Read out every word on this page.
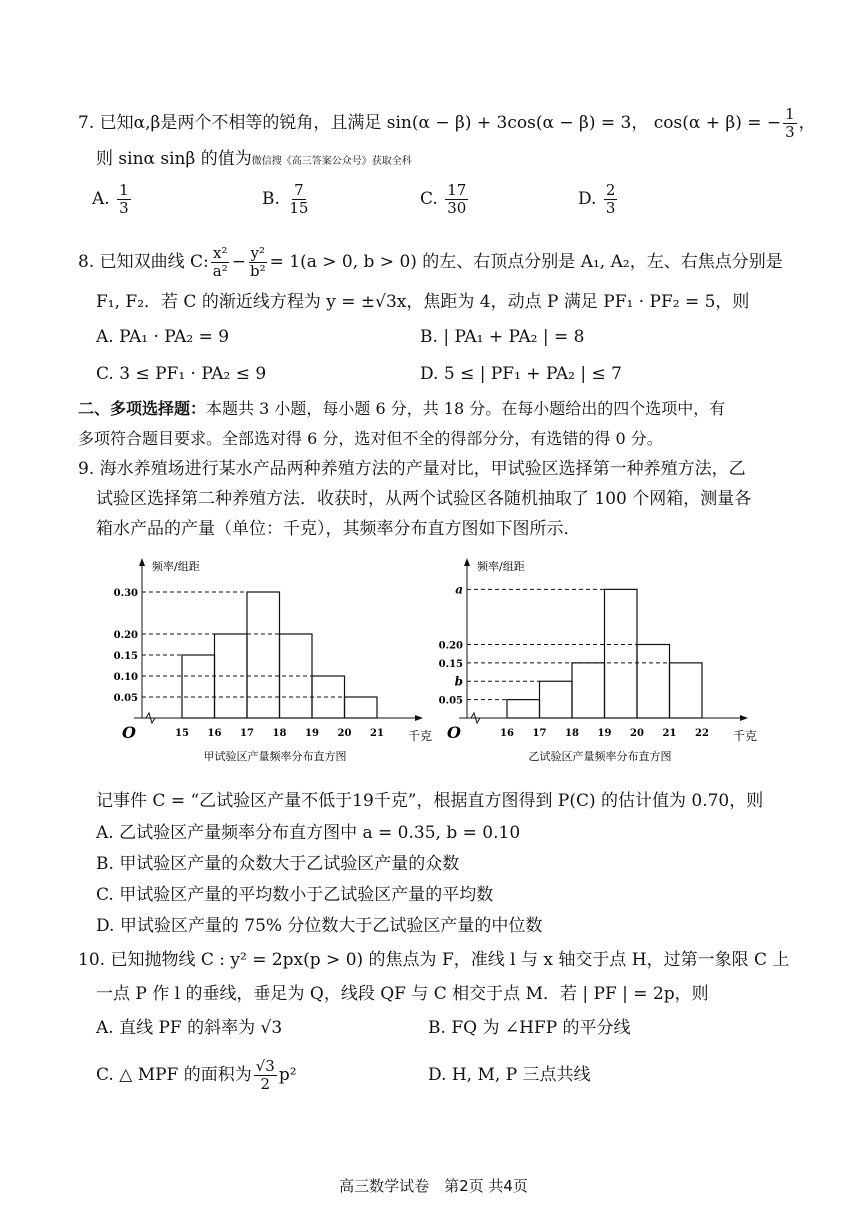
7. 已知α,β是两个不相等的锐角，且满足 sin(α − β) + 3cos(α − β) = 3， cos(α + β) = − $\frac{1}{3}$ ，
则 sinα sinβ 的值为微信搜《高三答案公众号》获取全科
A. $\frac{1}{3}$	B. $\frac{7}{15}$	C. $\frac{17}{30}$	D. $\frac{2}{3}$
8. 已知双曲线 C: $\frac{\text{x²}}{\text{a²}} - \frac{\text{y²}}{\text{b²}} = 1(a > 0$, b > 0) 的左、右顶点分别是 A₁, A₂，左、右焦点分别是
F₁, F₂．若 C 的渐近线方程为 y = ±√3x，焦距为 4，动点 P 满足 PF₁ · PF₂ = 5，则
A. PA₁ · PA₂ = 9	B. | PA₁ + PA₂ | = 8
C. 3 ≤ PF₁ · PA₂ ≤ 9	D. 5 ≤ | PF₁ + PA₂ | ≤ 7
二、多项选择题：本题共 3 小题，每小题 6 分，共 18 分。在每小题给出的四个选项中，有
多项符合题目要求。全部选对得 6 分，选对但不全的得部分分，有选错的得 0 分。
9. 海水养殖场进行某水产品两种养殖方法的产量对比，甲试验区选择第一种养殖方法，乙
试验区选择第二种养殖方法．收获时，从两个试验区各随机抽取了 100 个网箱，测量各
箱水产品的产量（单位：千克），其频率分布直方图如下图所示．
频率/组距
千克
O
0.05
0.10
0.15
0.20
0.30
15 16 17 18 19 20 21
甲试验区产量频率分布直方图
频率/组距
千克
O
0.05
b
0.15
0.20
a
16 17 18 19 20 21 22
乙试验区产量频率分布直方图
记事件 C = “乙试验区产量不低于19千克”，根据直方图得到 P(C) 的估计值为 0.70，则
A. 乙试验区产量频率分布直方图中 a = 0.35, b = 0.10
B. 甲试验区产量的众数大于乙试验区产量的众数
C. 甲试验区产量的平均数小于乙试验区产量的平均数
D. 甲试验区产量的 75% 分位数大于乙试验区产量的中位数
10. 已知抛物线 C : y² = 2px(p > 0) 的焦点为 F，准线 l 与 x 轴交于点 H，过第一象限 C 上
一点 P 作 l 的垂线，垂足为 Q，线段 QF 与 C 相交于点 M．若 | PF | = 2p，则
A. 直线 PF 的斜率为 √3	B. FQ 为 ∠HFP 的平分线
C. △ MPF 的面积为 $\frac{√3}{2} p^2$	D. H, M, P 三点共线
高三数学试卷　第2页 共4页
